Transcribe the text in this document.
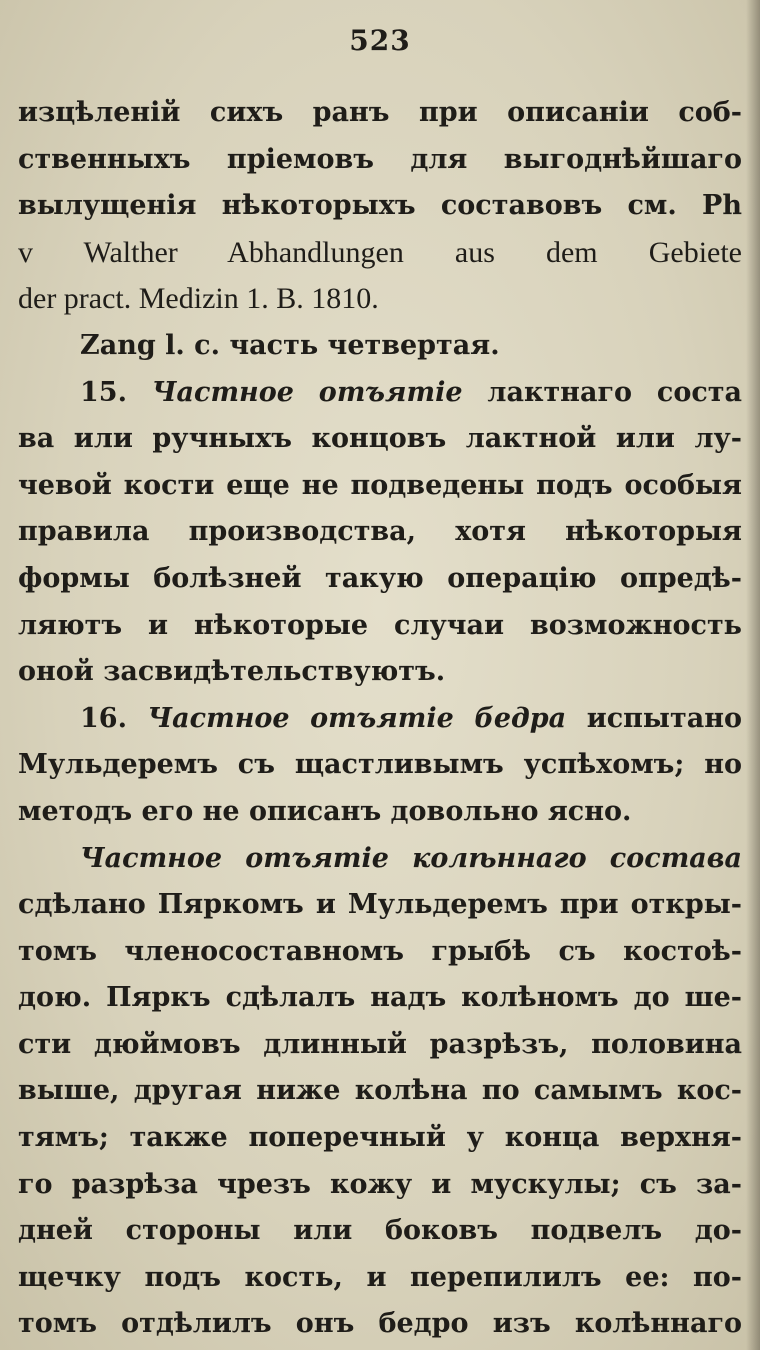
523
изцѣленій сихъ ранъ при описаніи соб-
ственныхъ пріемовъ для выгоднѣйшаго
вылущенія нѣкоторыхъ составовъ см. Ph
v Walther Abhandlungen aus dem Gebiete
der pract. Medizin 1. B. 1810.
Zang l. c. часть четвертая.
15. Частное отъятіе лактнаго соста
ва или ручныхъ концовъ лактной или лу-
чевой кости еще не подведены подъ особыя
правила производства, хотя нѣкоторыя
формы болѣзней такую операцію опредѣ-
ляютъ и нѣкоторые случаи возможность
оной засвидѣтельствуютъ.
16. Частное отъятіе бедра испытано
Мульдеремъ съ щастливымъ успѣхомъ; но
методъ его не описанъ довольно ясно.
Частное отъятіе колѣннаго состава
сдѣлано Пяркомъ и Мульдеремъ при откры-
томъ членосоставномъ грыбѣ съ костоѣ-
дою. Пяркъ сдѣлалъ надъ колѣномъ до ше-
сти дюймовъ длинный разрѣзъ, половина
выше, другая ниже колѣна по самымъ кос-
тямъ; также поперечный у конца верхня-
го разрѣза чрезъ кожу и мускулы; съ за-
дней стороны или боковъ подвелъ до-
щечку подъ кость, и перепилилъ ее: по-
томъ отдѣлилъ онъ бедро изъ колѣннаго
